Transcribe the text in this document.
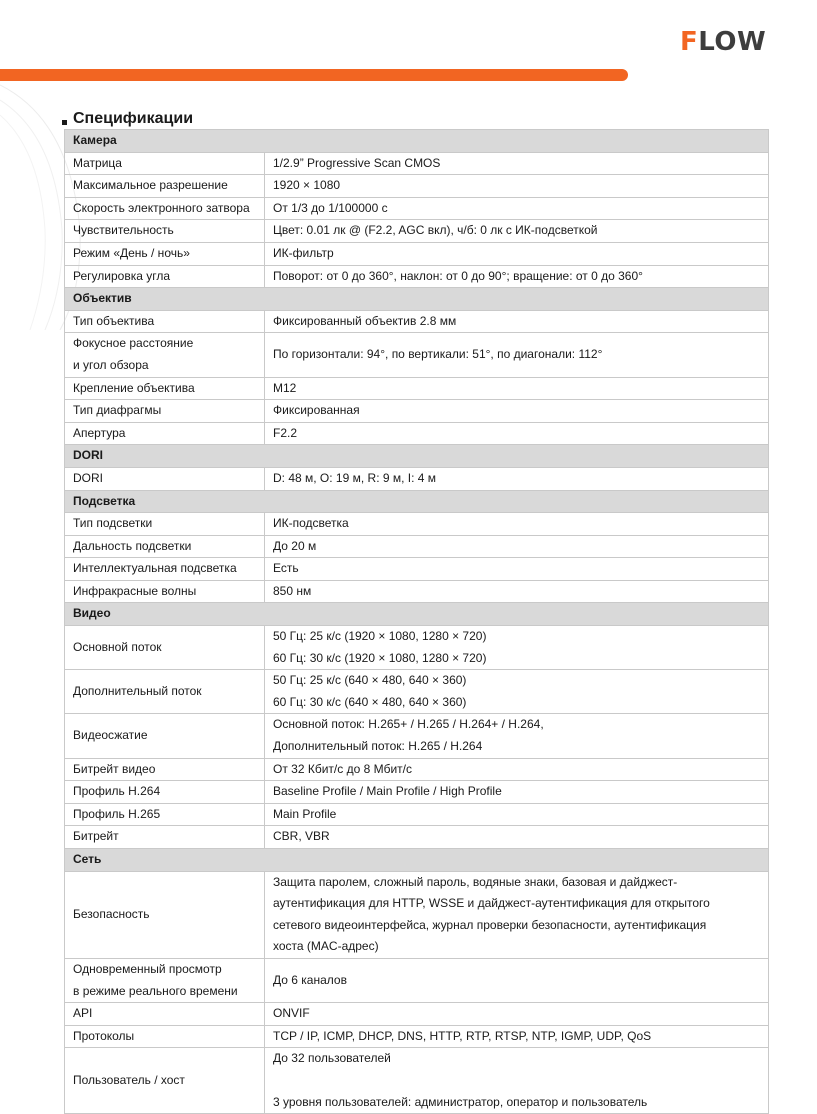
FLOW
Спецификации
Камера	

Матрица	1/2.9” Progressive Scan CMOS

Максимальное разрешение	1920 × 1080

Скорость электронного затвора	От 1/3 до 1/100000 с

Чувствительность	Цвет: 0.01 лк @ (F2.2, AGC вкл), ч/б: 0 лк с ИК-подсветкой

Режим «День / ночь»	ИК-фильтр

Регулировка угла	Поворот: от 0 до 360°, наклон: от 0 до 90°; вращение: от 0 до 360°

Объектив	

Тип объектива	Фиксированный объектив 2.8 мм

Фокусное расстояние
и угол обзора	По горизонтали: 94°, по вертикали: 51°, по диагонали: 112°

Крепление объектива	M12

Тип диафрагмы	Фиксированная

Апертура	F2.2

DORI	

DORI	D: 48 м, O: 19 м, R: 9 м, I: 4 м

Подсветка	

Тип подсветки	ИК-подсветка

Дальность подсветки	До 20 м

Интеллектуальная подсветка	Есть

Инфракрасные волны	850 нм

Видео	

Основной поток	50 Гц: 25 к/с (1920 × 1080, 1280 × 720)
60 Гц: 30 к/с (1920 × 1080, 1280 × 720)

Дополнительный поток	50 Гц: 25 к/с (640 × 480, 640 × 360)
60 Гц: 30 к/с (640 × 480, 640 × 360)

Видеосжатие	Основной поток: H.265+ / H.265 / H.264+ / H.264,
Дополнительный поток: H.265 / H.264

Битрейт видео	От 32 Кбит/с до 8 Мбит/с

Профиль H.264	Baseline Profile / Main Profile / High Profile

Профиль H.265	Main Profile

Битрейт	CBR, VBR

Сеть	

Безопасность	Защита паролем, сложный пароль, водяные знаки, базовая и дайджест-
аутентификация для HTTP, WSSE и дайджест-аутентификация для открытого
сетевого видеоинтерфейса, журнал проверки безопасности, аутентификация
хоста (MAC-адрес)

Одновременный просмотр
в режиме реального времени	До 6 каналов

API	ONVIF

Протоколы	TCP / IP, ICMP, DHCP, DNS, HTTP, RTP, RTSP, NTP, IGMP, UDP, QoS

Пользователь / хост	До 32 пользователей
3 уровня пользователей: администратор, оператор и пользователь
